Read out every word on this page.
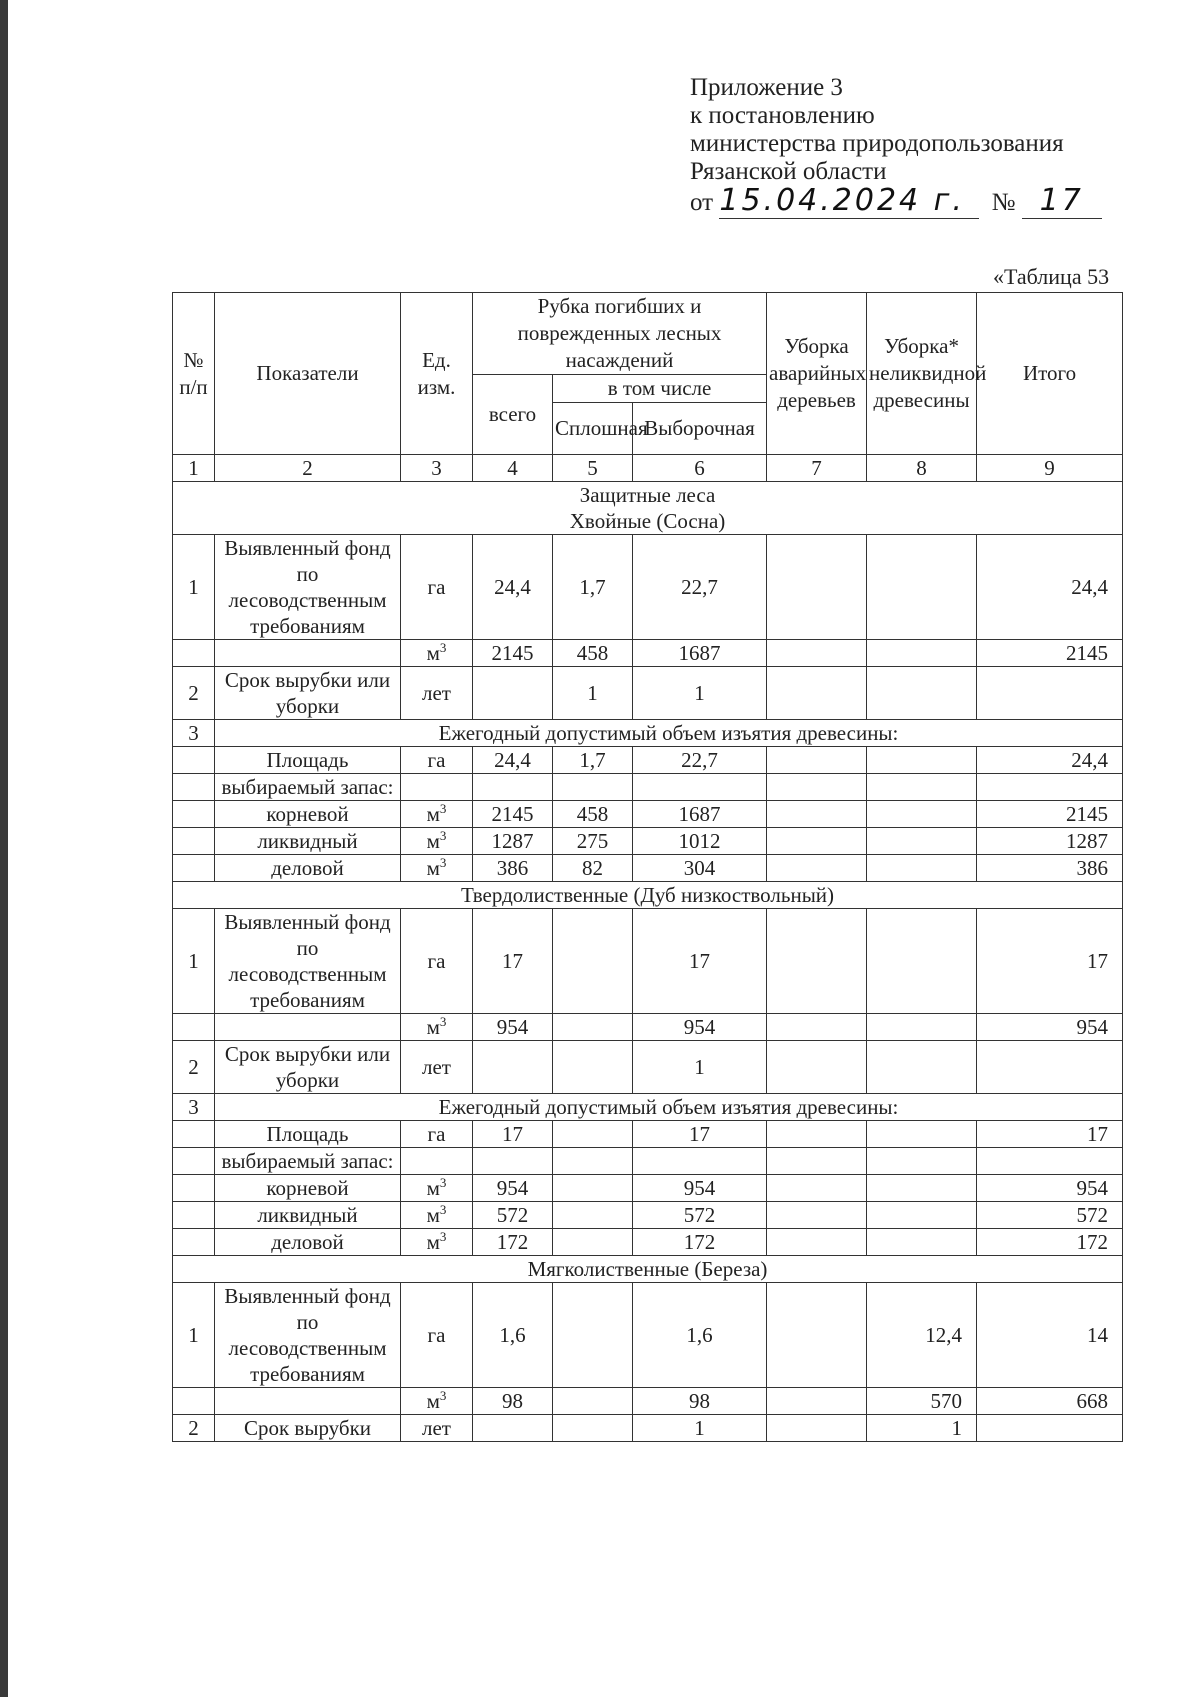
Приложение 3
к постановлению
министерства природопользования
Рязанской области
от 15.04.2024 г. № 17
«Таблица 53
№ п/п	Показатели	Ед. изм.	Рубка погибших и поврежденных лесных насаждений			Уборка аварийных деревьев	Уборка* неликвидной древесины	Итого
			всего	в том числе				
				Сплошная	Выборочная			
1	2	3	4	5	6	7	8	9

Защитные леса
Хвойные (Сосна)								

1	Выявленный фонд по лесоводственным требованиям	га	24,4	1,7	22,7			24,4
		$м^3$	2145	458	1687			2145
2	Срок вырубки или уборки	лет		1	1			
3	Ежегодный допустимый объем изъятия древесины:							
	Площадь	га	24,4	1,7	22,7			24,4
	выбираемый запас:							
	корневой	$м^3$	2145	458	1687			2145
	ликвидный	$м^3$	1287	275	1012			1287
	деловой	$м^3$	386	82	304			386

Твердолиственные (Дуб низкоствольный)								

1	Выявленный фонд по лесоводственным требованиям	га	17		17			17
		$м^3$	954		954			954
2	Срок вырубки или уборки	лет			1			
3	Ежегодный допустимый объем изъятия древесины:							
	Площадь	га	17		17			17
	выбираемый запас:							
	корневой	$м^3$	954		954			954
	ликвидный	$м^3$	572		572			572
	деловой	$м^3$	172		172			172

Мягколиственные (Береза)								

1	Выявленный фонд по лесоводственным требованиям	га	1,6		1,6		12,4	14
		$м^3$	98		98		570	668
2	Срок вырубки	лет			1		1	
